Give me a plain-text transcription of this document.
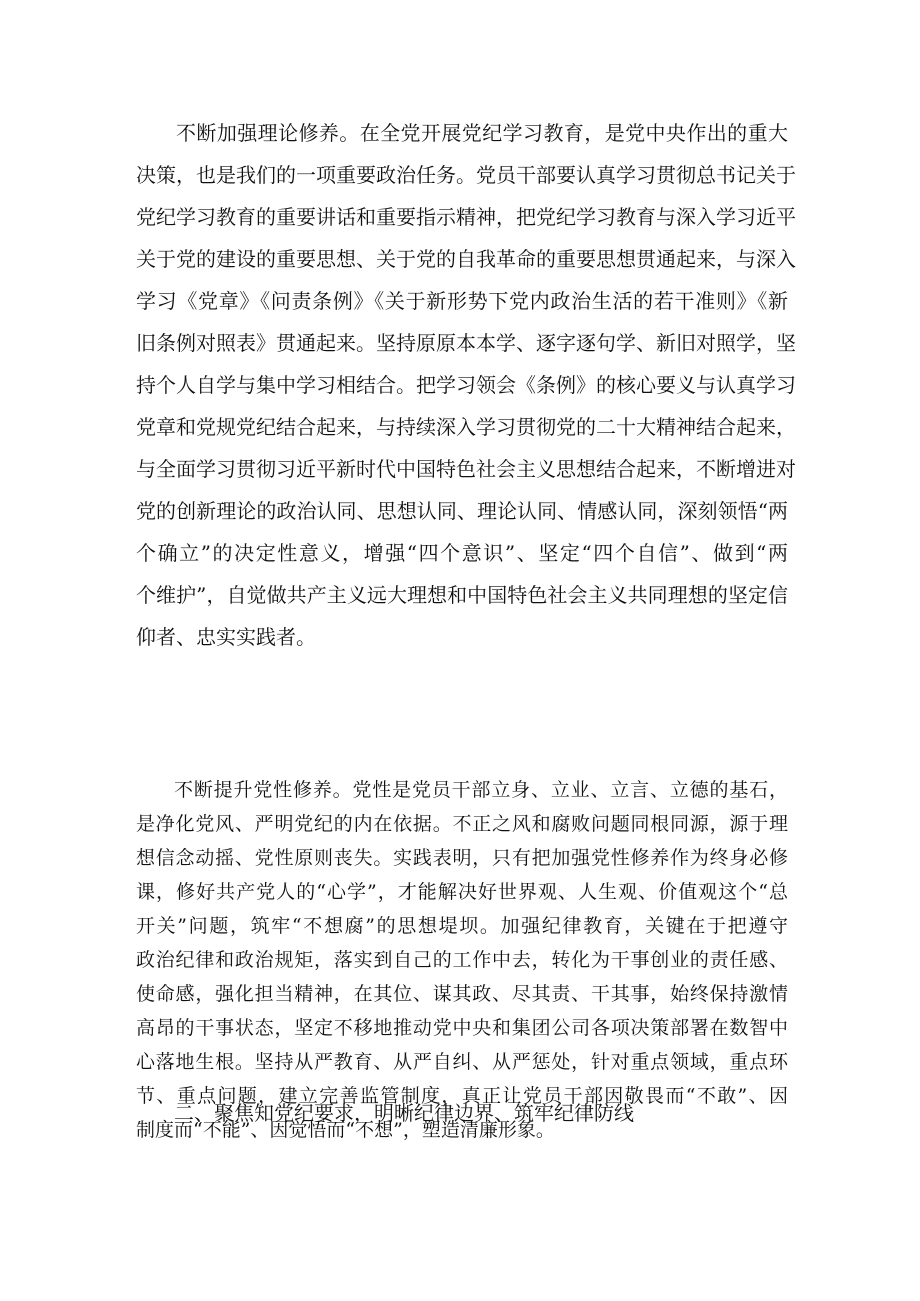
不断加强理论修养。在全党开展党纪学习教育，是党中央作出的重大
决策，也是我们的一项重要政治任务。党员干部要认真学习贯彻总书记关于
党纪学习教育的重要讲话和重要指示精神，把党纪学习教育与深入学习近平
关于党的建设的重要思想、关于党的自我革命的重要思想贯通起来，与深入
学习《党章》《问责条例》《关于新形势下党内政治生活的若干准则》《新
旧条例对照表》贯通起来。坚持原原本本学、逐字逐句学、新旧对照学，坚
持个人自学与集中学习相结合。把学习领会《条例》的核心要义与认真学习
党章和党规党纪结合起来，与持续深入学习贯彻党的二十大精神结合起来，
与全面学习贯彻习近平新时代中国特色社会主义思想结合起来，不断增进对
党的创新理论的政治认同、思想认同、理论认同、情感认同，深刻领悟“两
个确立”的决定性意义，增强“四个意识”、坚定“四个自信”、做到“两
个维护”，自觉做共产主义远大理想和中国特色社会主义共同理想的坚定信
仰者、忠实实践者。
不断提升党性修养。党性是党员干部立身、立业、立言、立德的基石，
是净化党风、严明党纪的内在依据。不正之风和腐败问题同根同源，源于理
想信念动摇、党性原则丧失。实践表明，只有把加强党性修养作为终身必修
课，修好共产党人的“心学”，才能解决好世界观、人生观、价值观这个“总
开关”问题，筑牢“不想腐”的思想堤坝。加强纪律教育，关键在于把遵守
政治纪律和政治规矩，落实到自己的工作中去，转化为干事创业的责任感、
使命感，强化担当精神，在其位、谋其政、尽其责、干其事，始终保持激情
高昂的干事状态，坚定不移地推动党中央和集团公司各项决策部署在数智中
心落地生根。坚持从严教育、从严自纠、从严惩处，针对重点领域，重点环
节、重点问题，建立完善监管制度，真正让党员干部因敬畏而“不敢”、因
制度而“不能”、因觉悟而“不想”，塑造清廉形象。
二、聚焦知党纪要求，明晰纪律边界、筑牢纪律防线
